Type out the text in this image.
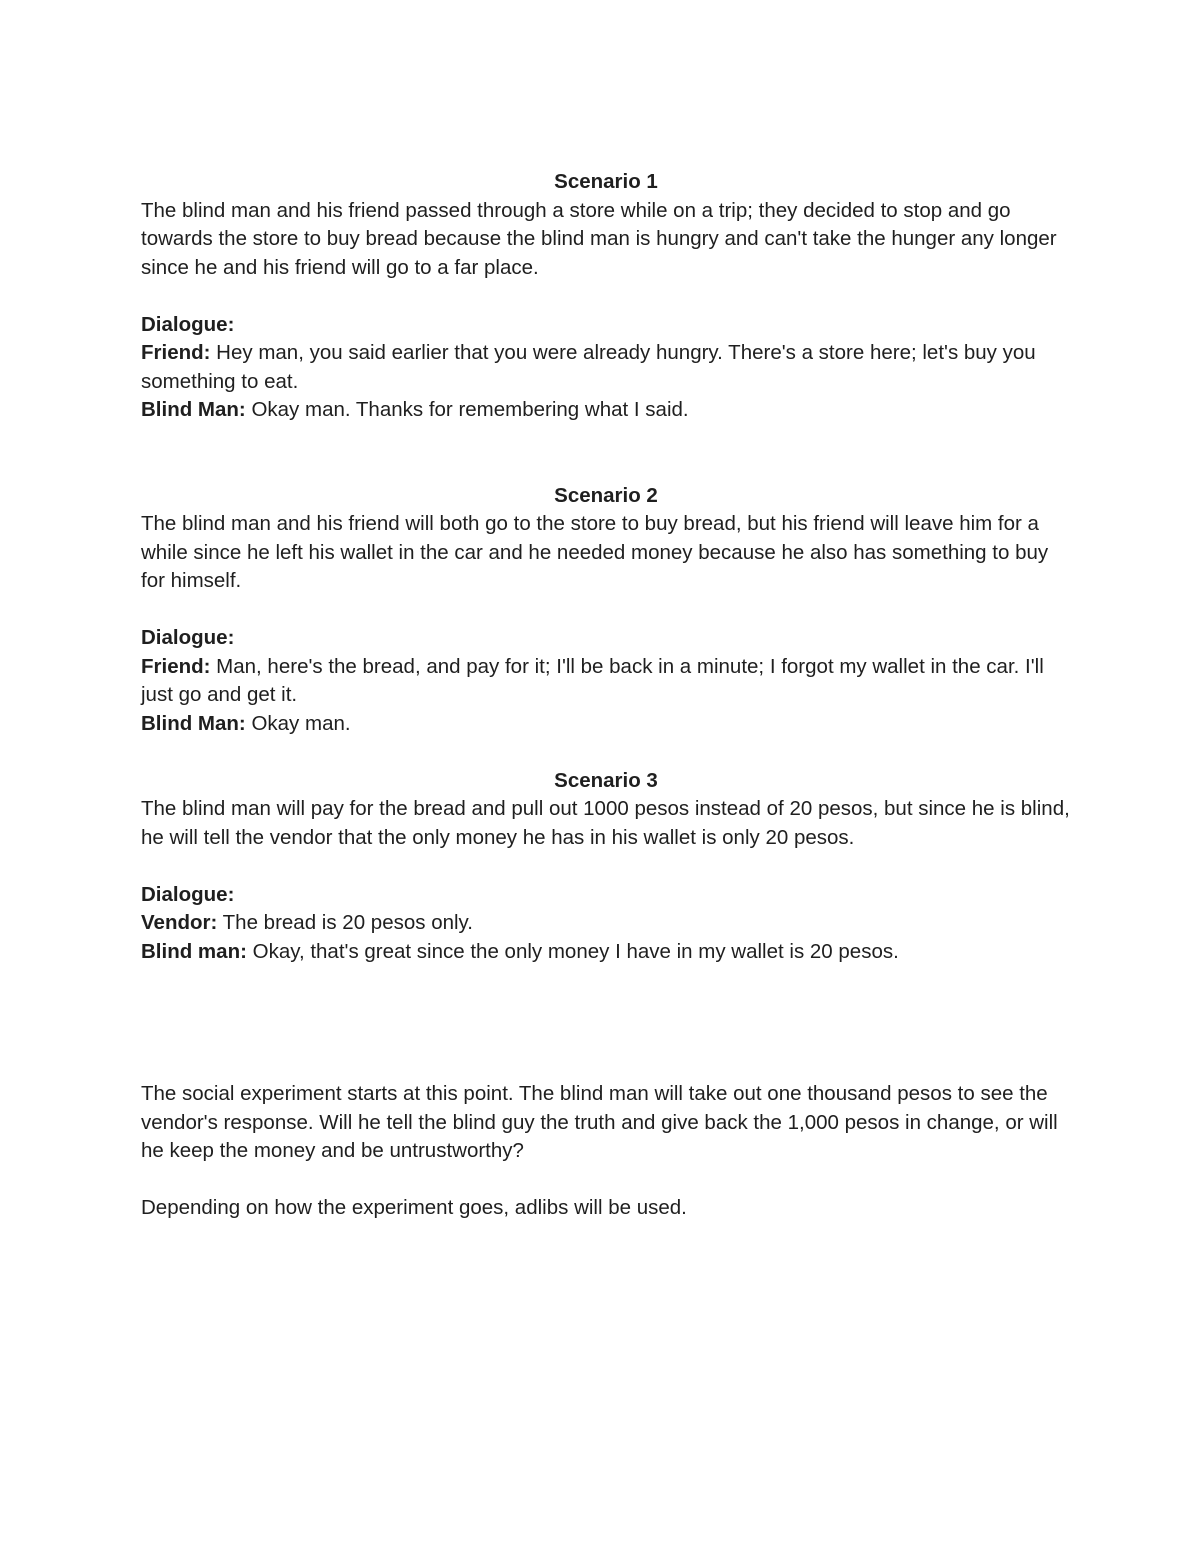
Scenario 1

The blind man and his friend passed through a store while on a trip; they decided to stop and go towards the store to buy bread because the blind man is hungry and can't take the hunger any longer since he and his friend will go to a far place.

Dialogue:

Friend: Hey man, you said earlier that you were already hungry. There's a store here; let's buy you something to eat.

Blind Man: Okay man. Thanks for remembering what I said.

Scenario 2

The blind man and his friend will both go to the store to buy bread, but his friend will leave him for a while since he left his wallet in the car and he needed money because he also has something to buy for himself.

Dialogue:

Friend: Man, here's the bread, and pay for it; I'll be back in a minute; I forgot my wallet in the car. I'll just go and get it.

Blind Man: Okay man.

Scenario 3

The blind man will pay for the bread and pull out 1000 pesos instead of 20 pesos, but since he is blind, he will tell the vendor that the only money he has in his wallet is only 20 pesos.

Dialogue:

Vendor: The bread is 20 pesos only.

Blind man: Okay, that's great since the only money I have in my wallet is 20 pesos.

The social experiment starts at this point. The blind man will take out one thousand pesos to see the vendor's response. Will he tell the blind guy the truth and give back the 1,000 pesos in change, or will he keep the money and be untrustworthy?

Depending on how the experiment goes, adlibs will be used.
